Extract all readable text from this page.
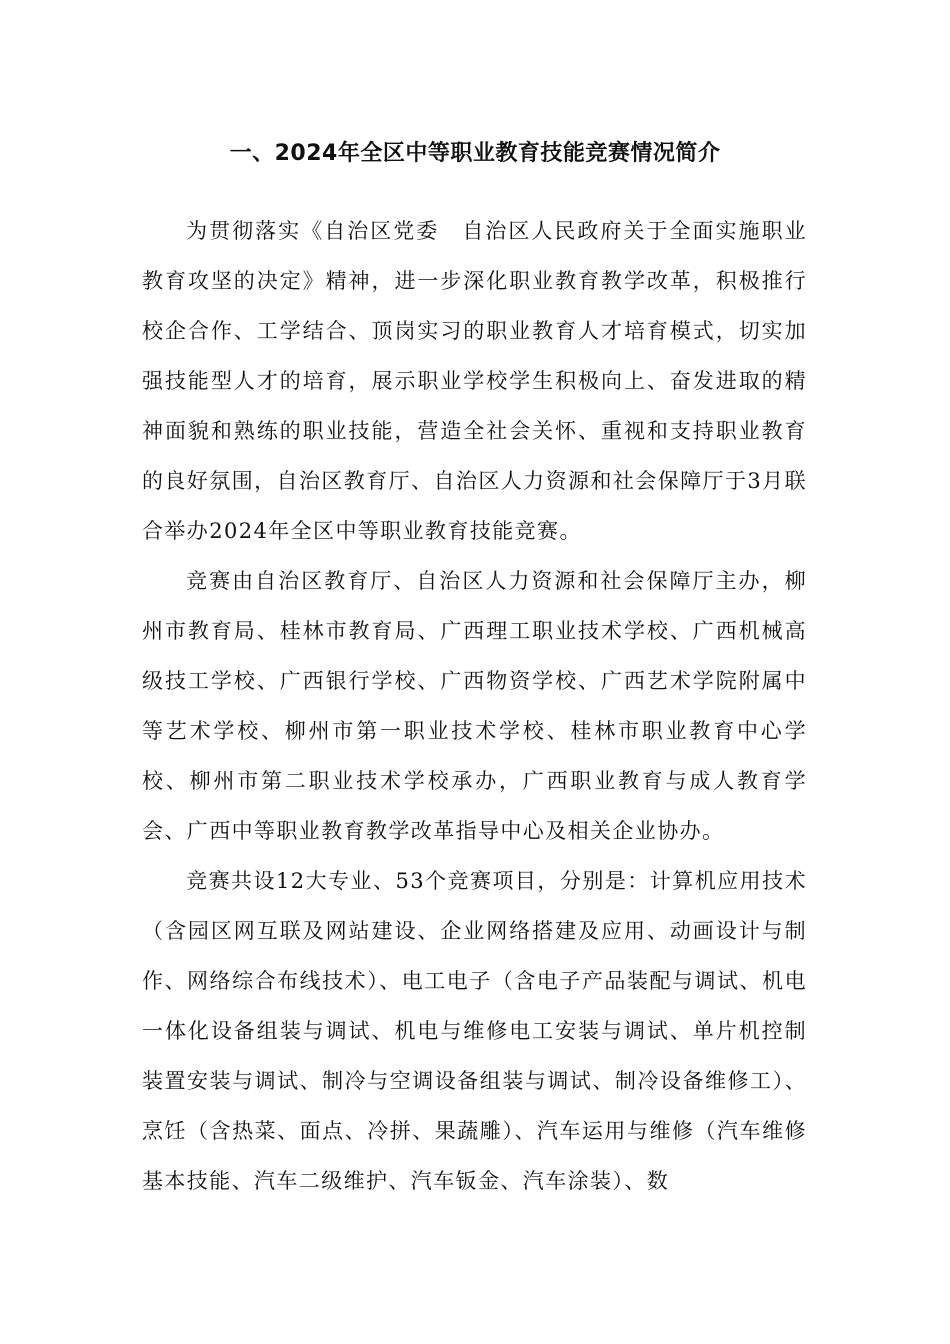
一、2024年全区中等职业教育技能竞赛情况简介

为贯彻落实《自治区党委　自治区人民政府关于全面实施职业教育攻坚的决定》精神，进一步深化职业教育教学改革，积极推行校企合作、工学结合、顶岗实习的职业教育人才培育模式，切实加强技能型人才的培育，展示职业学校学生积极向上、奋发进取的精神面貌和熟练的职业技能，营造全社会关怀、重视和支持职业教育的良好氛围，自治区教育厅、自治区人力资源和社会保障厅于3月联合举办2024年全区中等职业教育技能竞赛。

竞赛由自治区教育厅、自治区人力资源和社会保障厅主办，柳州市教育局、桂林市教育局、广西理工职业技术学校、广西机械高级技工学校、广西银行学校、广西物资学校、广西艺术学院附属中等艺术学校、柳州市第一职业技术学校、桂林市职业教育中心学校、柳州市第二职业技术学校承办，广西职业教育与成人教育学会、广西中等职业教育教学改革指导中心及相关企业协办。

竞赛共设12大专业、53个竞赛项目，分别是：计算机应用技术（含园区网互联及网站建设、企业网络搭建及应用、动画设计与制作、网络综合布线技术）、电工电子（含电子产品装配与调试、机电一体化设备组装与调试、机电与维修电工安装与调试、单片机控制装置安装与调试、制冷与空调设备组装与调试、制冷设备维修工）、烹饪（含热菜、面点、冷拼、果蔬雕）、汽车运用与维修（汽车维修基本技能、汽车二级维护、汽车钣金、汽车涂装）、数
